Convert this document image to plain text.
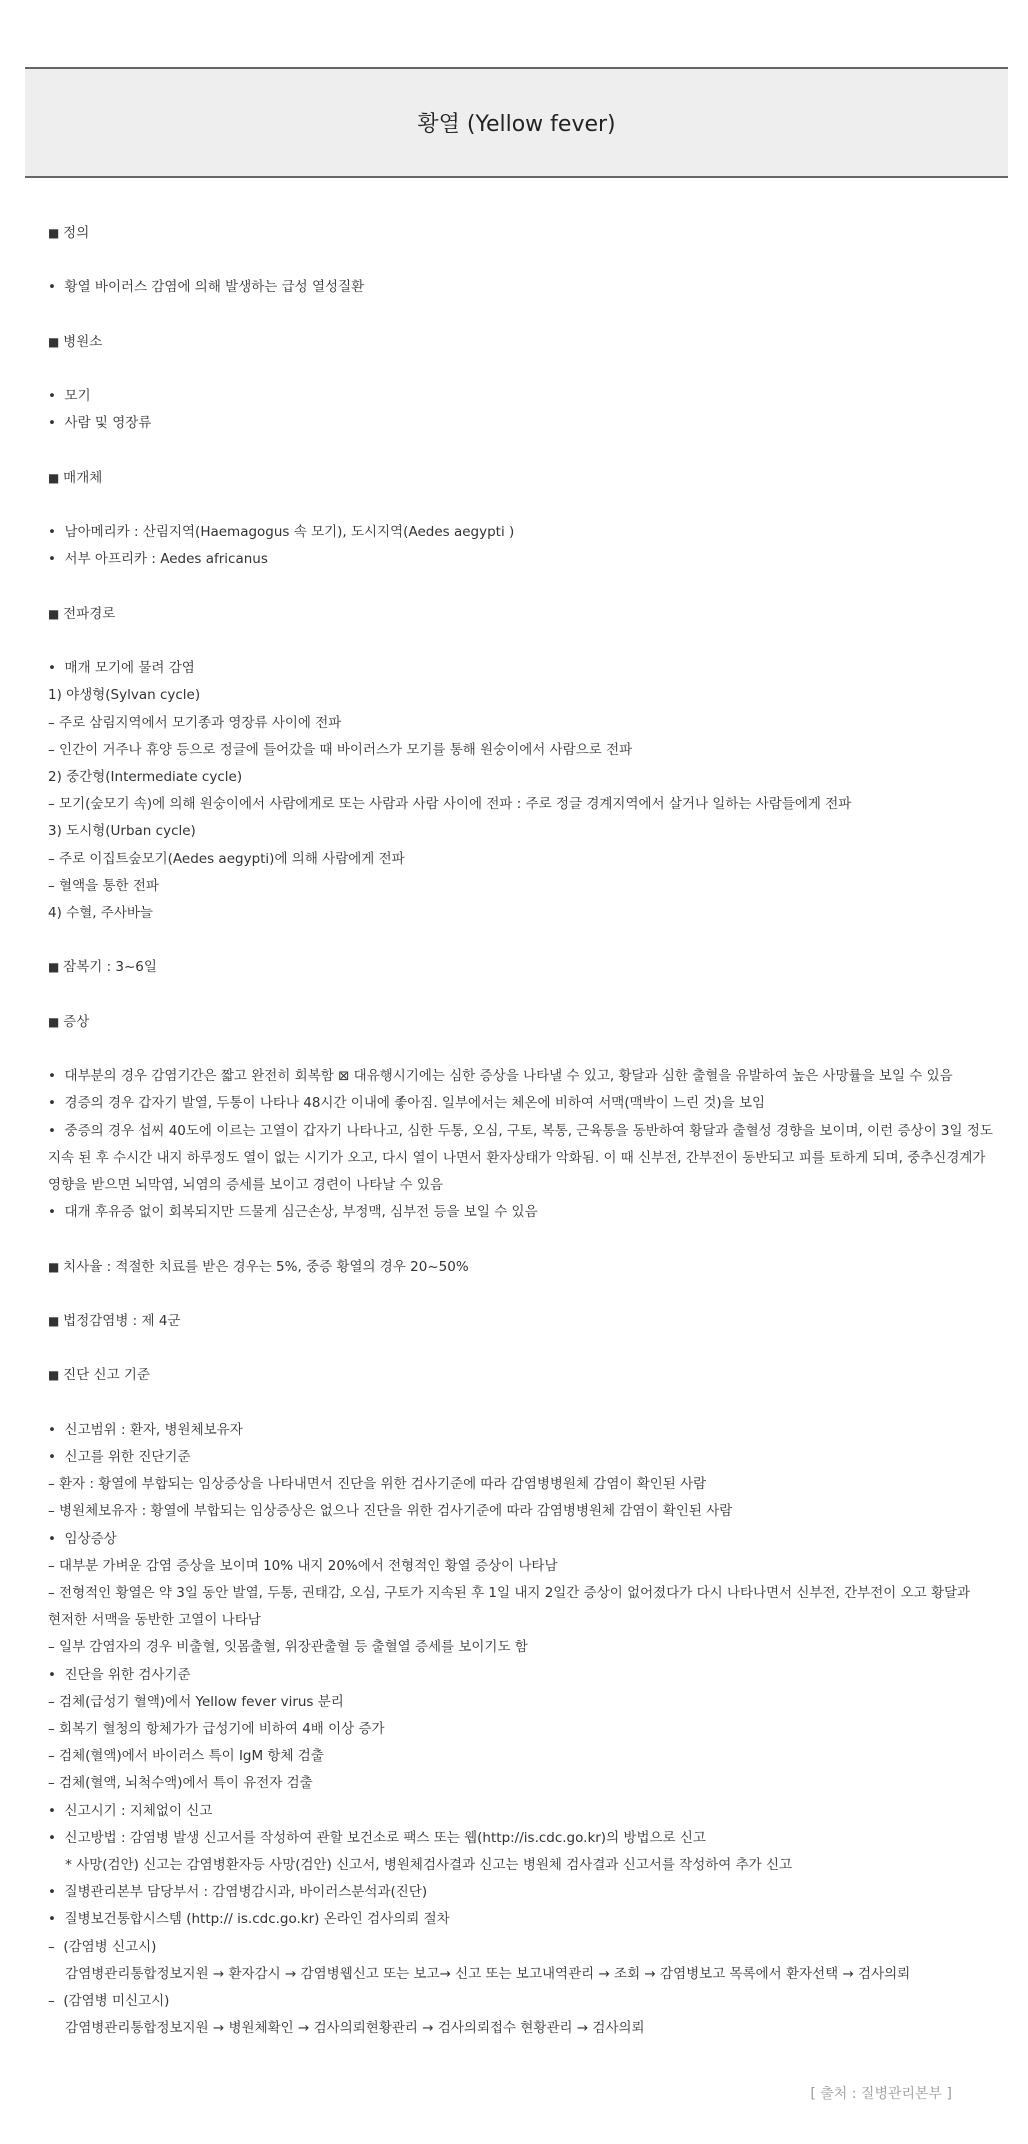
황열 (Yellow fever)
■ 정의
•  황열 바이러스 감염에 의해 발생하는 급성 열성질환
■ 병원소
•  모기
•  사람 및 영장류
■ 매개체
•  남아메리카 : 산림지역(Haemagogus 속 모기), 도시지역(Aedes aegypti )
•  서부 아프리카 : Aedes africanus
■ 전파경로
•  매개 모기에 물려 감염
1) 야생형(Sylvan cycle)
– 주로 삼림지역에서 모기종과 영장류 사이에 전파
– 인간이 거주나 휴양 등으로 정글에 들어갔을 때 바이러스가 모기를 통해 원숭이에서 사람으로 전파
2) 중간형(Intermediate cycle)
– 모기(숲모기 속)에 의해 원숭이에서 사람에게로 또는 사람과 사람 사이에 전파 : 주로 정글 경계지역에서 살거나 일하는 사람들에게 전파
3) 도시형(Urban cycle)
– 주로 이집트숲모기(Aedes aegypti)에 의해 사람에게 전파
– 혈액을 통한 전파
4) 수혈, 주사바늘
■ 잠복기 : 3~6일
■ 증상
•  대부분의 경우 감염기간은 짧고 완전히 회복함 ⊠ 대유행시기에는 심한 증상을 나타낼 수 있고, 황달과 심한 출혈을 유발하여 높은 사망률을 보일 수 있음
•  경증의 경우 갑자기 발열, 두통이 나타나 48시간 이내에 좋아짐. 일부에서는 체온에 비하여 서맥(맥박이 느린 것)을 보임
•  중증의 경우 섭씨 40도에 이르는 고열이 갑자기 나타나고, 심한 두통, 오심, 구토, 복통, 근육통을 동반하여 황달과 출혈성 경향을 보이며, 이런 증상이 3일 정도
지속 된 후 수시간 내지 하루정도 열이 없는 시기가 오고, 다시 열이 나면서 환자상태가 악화됨. 이 때 신부전, 간부전이 동반되고 피를 토하게 되며, 중추신경계가
영향을 받으면 뇌막염, 뇌염의 증세를 보이고 경련이 나타날 수 있음
•  대개 후유증 없이 회복되지만 드물게 심근손상, 부정맥, 심부전 등을 보일 수 있음
■ 치사율 : 적절한 치료를 받은 경우는 5%, 중증 황열의 경우 20~50%
■ 법정감염병 : 제 4군
■ 진단 신고 기준
•  신고범위 : 환자, 병원체보유자
•  신고를 위한 진단기준
– 환자 : 황열에 부합되는 임상증상을 나타내면서 진단을 위한 검사기준에 따라 감염병병원체 감염이 확인된 사람
– 병원체보유자 : 황열에 부합되는 임상증상은 없으나 진단을 위한 검사기준에 따라 감염병병원체 감염이 확인된 사람
•  임상증상
– 대부분 가벼운 감염 증상을 보이며 10% 내지 20%에서 전형적인 황열 증상이 나타남
– 전형적인 황열은 약 3일 동안 발열, 두통, 권태감, 오심, 구토가 지속된 후 1일 내지 2일간 증상이 없어졌다가 다시 나타나면서 신부전, 간부전이 오고 황달과
현저한 서맥을 동반한 고열이 나타남
– 일부 감염자의 경우 비출혈, 잇몸출혈, 위장관출혈 등 출혈열 증세를 보이기도 함
•  진단을 위한 검사기준
– 검체(급성기 혈액)에서 Yellow fever virus 분리
– 회복기 혈청의 항체가가 급성기에 비하여 4배 이상 증가
– 검체(혈액)에서 바이러스 특이 IgM 항체 검출
– 검체(혈액, 뇌척수액)에서 특이 유전자 검출
•  신고시기 : 지체없이 신고
•  신고방법 : 감염병 발생 신고서를 작성하여 관할 보건소로 팩스 또는 웹(http://is.cdc.go.kr)의 방법으로 신고
* 사망(검안) 신고는 감염병환자등 사망(검안) 신고서, 병원체검사결과 신고는 병원체 검사결과 신고서를 작성하여 추가 신고
•  질병관리본부 담당부서 : 감염병감시과, 바이러스분석과(진단)
•  질병보건통합시스템 (http:// is.cdc.go.kr) 온라인 검사의뢰 절차
–  (감염병 신고시)
감염병관리통합정보지원 → 환자감시 → 감염병웹신고 또는 보고→ 신고 또는 보고내역관리 → 조회 → 감염병보고 목록에서 환자선택 → 검사의뢰
–  (감염병 미신고시)
감염병관리통합정보지원 → 병원체확인 → 검사의뢰현황관리 → 검사의뢰접수 현황관리 → 검사의뢰
[ 출처 : 질병관리본부 ]
